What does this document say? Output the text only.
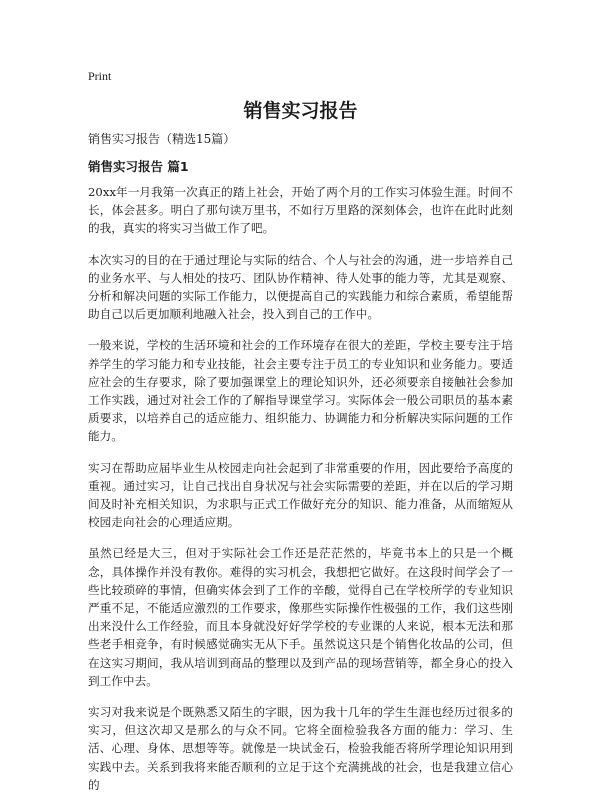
Print
销售实习报告
销售实习报告（精选15篇）
销售实习报告 篇1

20xx年一月我第一次真正的踏上社会，开始了两个月的工作实习体验生涯。时间不长，体会甚多。明白了那句读万里书，不如行万里路的深刻体会，也许在此时此刻的我，真实的将实习当做工作了吧。

本次实习的目的在于通过理论与实际的结合、个人与社会的沟通，进一步培养自己的业务水平、与人相处的技巧、团队协作精神、待人处事的能力等，尤其是观察、分析和解决问题的实际工作能力，以便提高自己的实践能力和综合素质，希望能帮助自己以后更加顺利地融入社会，投入到自己的工作中。

一般来说，学校的生活环境和社会的工作环境存在很大的差距，学校主要专注于培养学生的学习能力和专业技能，社会主要专注于员工的专业知识和业务能力。要适应社会的生存要求，除了要加强课堂上的理论知识外，还必须要亲自接触社会参加工作实践，通过对社会工作的了解指导课堂学习。实际体会一般公司职员的基本素质要求，以培养自己的适应能力、组织能力、协调能力和分析解决实际问题的工作能力。

实习在帮助应届毕业生从校园走向社会起到了非常重要的作用，因此要给予高度的重视。通过实习，让自己找出自身状况与社会实际需要的差距，并在以后的学习期间及时补充相关知识，为求职与正式工作做好充分的知识、能力准备，从而缩短从校园走向社会的心理适应期。

虽然已经是大三，但对于实际社会工作还是茫茫然的，毕竟书本上的只是一个概念，具体操作并没有教你。难得的实习机会，我想把它做好。在这段时间学会了一些比较琐碎的事情，但确实体会到了工作的辛酸，觉得自己在学校所学的专业知识严重不足，不能适应激烈的工作要求，像那些实际操作性极强的工作，我们这些刚出来没什么工作经验，而且本身就没好好学学校的专业课的人来说，根本无法和那些老手相竞争，有时候感觉确实无从下手。虽然说这只是个销售化妆品的公司，但在这实习期间，我从培训到商品的整理以及到产品的现场营销等，都全身心的投入到工作中去。

实习对我来说是个既熟悉又陌生的字眼，因为我十几年的学生生涯也经历过很多的实习，但这次却又是那么的与众不同。它将全面检验我各方面的能力：学习、生活、心理、身体、思想等等。就像是一块试金石，检验我能否将所学理论知识用到实践中去。关系到我将来能否顺利的立足于这个充满挑战的社会，也是我建立信心的
